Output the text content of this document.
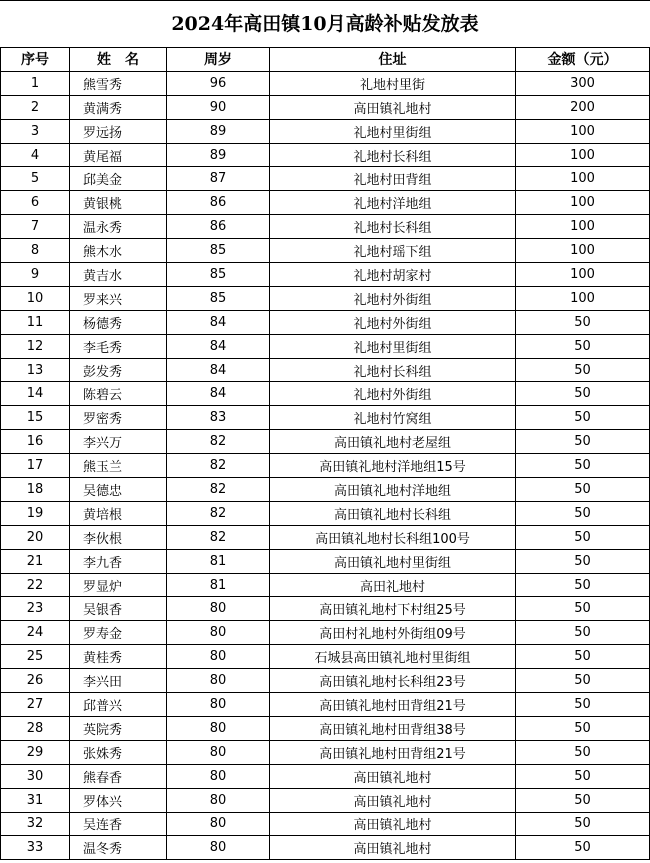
2024年高田镇10月高龄补贴发放表
序号	姓　名	周岁	住址	金额（元）
1	熊雪秀	96	礼地村里街	300
2	黄满秀	90	高田镇礼地村	200
3	罗远扬	89	礼地村里街组	100
4	黄尾福	89	礼地村长科组	100
5	邱美金	87	礼地村田背组	100
6	黄银桃	86	礼地村洋地组	100
7	温永秀	86	礼地村长科组	100
8	熊木水	85	礼地村瑶下组	100
9	黄吉水	85	礼地村胡家村	100
10	罗来兴	85	礼地村外街组	100
11	杨德秀	84	礼地村外街组	50
12	李毛秀	84	礼地村里街组	50
13	彭发秀	84	礼地村长科组	50
14	陈碧云	84	礼地村外街组	50
15	罗密秀	83	礼地村竹窝组	50
16	李兴万	82	高田镇礼地村老屋组	50
17	熊玉兰	82	高田镇礼地村洋地组15号	50
18	吴德忠	82	高田镇礼地村洋地组	50
19	黄培根	82	高田镇礼地村长科组	50
20	李伙根	82	高田镇礼地村长科组100号	50
21	李九香	81	高田镇礼地村里街组	50
22	罗显炉	81	高田礼地村	50
23	吴银香	80	高田镇礼地村下村组25号	50
24	罗寿金	80	高田村礼地村外街组09号	50
25	黄桂秀	80	石城县高田镇礼地村里街组	50
26	李兴田	80	高田镇礼地村长科组23号	50
27	邱普兴	80	高田镇礼地村田背组21号	50
28	英院秀	80	高田镇礼地村田背组38号	50
29	张姝秀	80	高田镇礼地村田背组21号	50
30	熊春香	80	高田镇礼地村	50
31	罗体兴	80	高田镇礼地村	50
32	吴连香	80	高田镇礼地村	50
33	温冬秀	80	高田镇礼地村	50
